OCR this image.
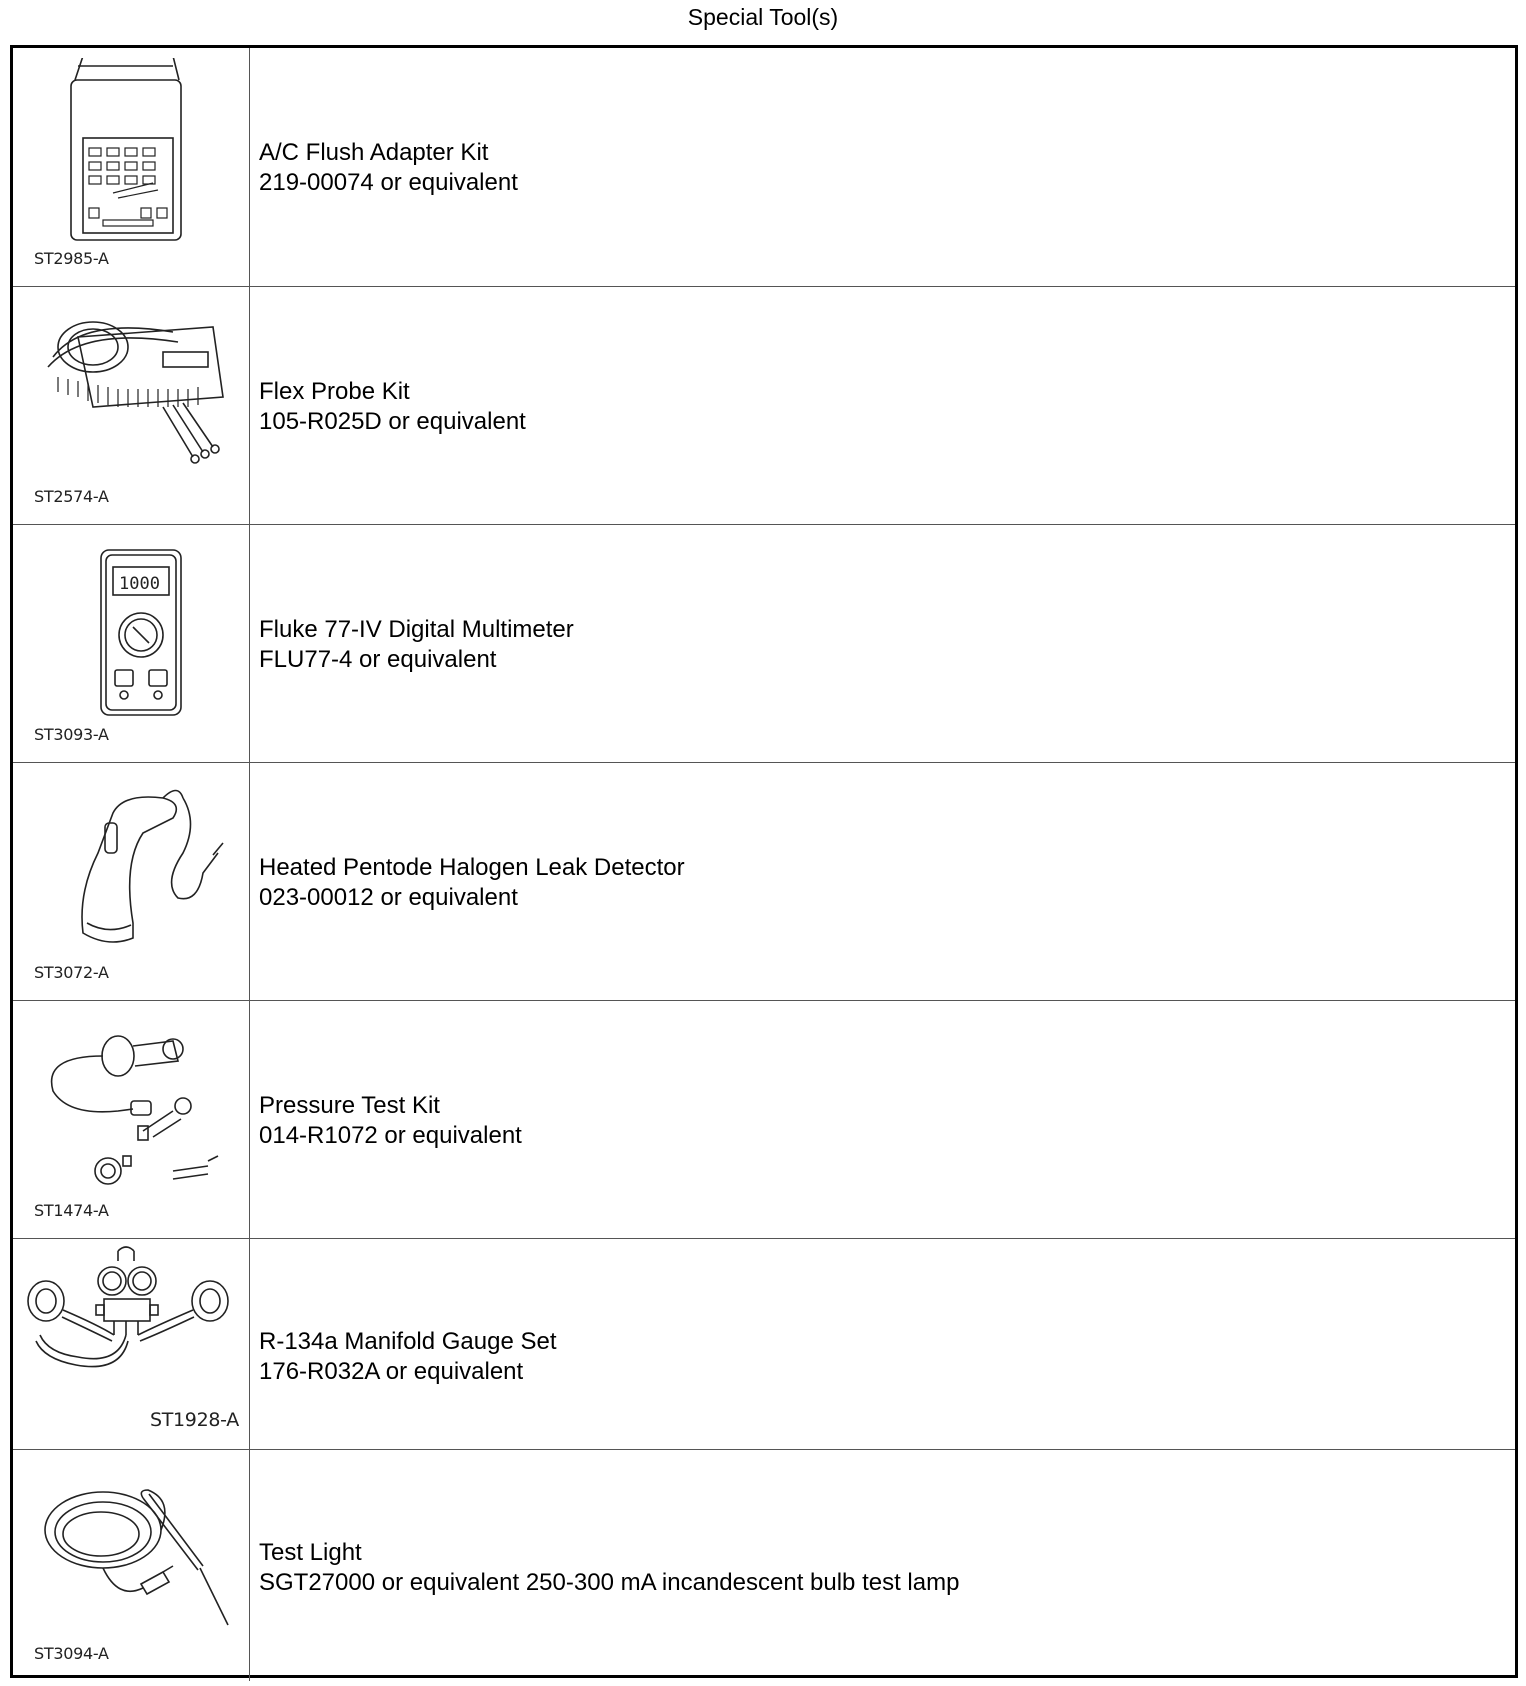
Special Tool(s)
ST2985-A
A/C Flush Adapter Kit
219-00074 or equivalent
ST2574-A
Flex Probe Kit
105-R025D or equivalent
1000
ST3093-A
Fluke 77-IV Digital Multimeter
FLU77-4 or equivalent
ST3072-A
Heated Pentode Halogen Leak Detector
023-00012 or equivalent
ST1474-A
Pressure Test Kit
014-R1072 or equivalent
ST1928-A
R-134a Manifold Gauge Set
176-R032A or equivalent
ST3094-A
Test Light
SGT27000 or equivalent 250-300 mA incandescent bulb test lamp
